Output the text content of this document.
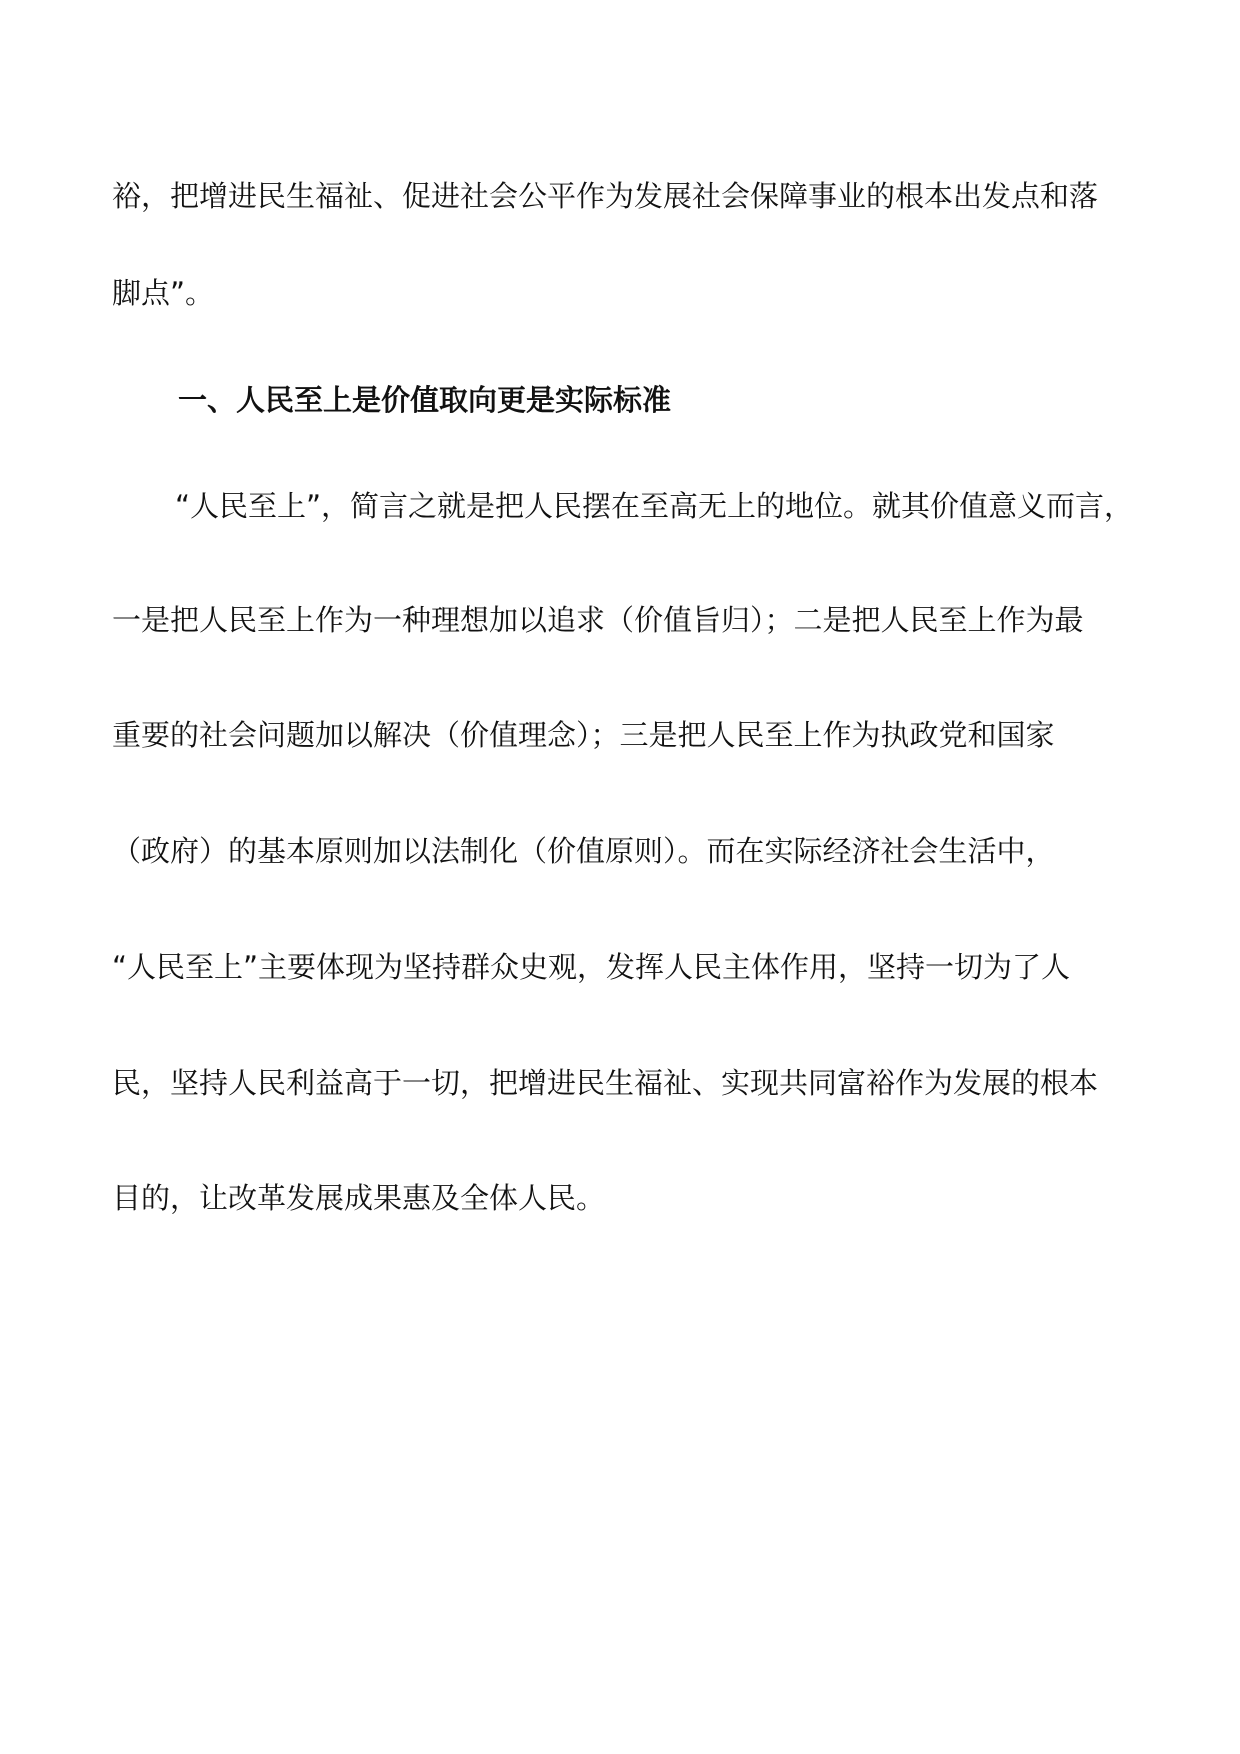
裕，把增进民生福祉、促进社会公平作为发展社会保障事业的根本出发点和落
脚点”。
一、人民至上是价值取向更是实际标准
“人民至上”，简言之就是把人民摆在至高无上的地位。就其价值意义而言，
一是把人民至上作为一种理想加以追求（价值旨归）；二是把人民至上作为最
重要的社会问题加以解决（价值理念）；三是把人民至上作为执政党和国家
（政府）的基本原则加以法制化（价值原则）。而在实际经济社会生活中，
“人民至上”主要体现为坚持群众史观，发挥人民主体作用，坚持一切为了人
民，坚持人民利益高于一切，把增进民生福祉、实现共同富裕作为发展的根本
目的，让改革发展成果惠及全体人民。
